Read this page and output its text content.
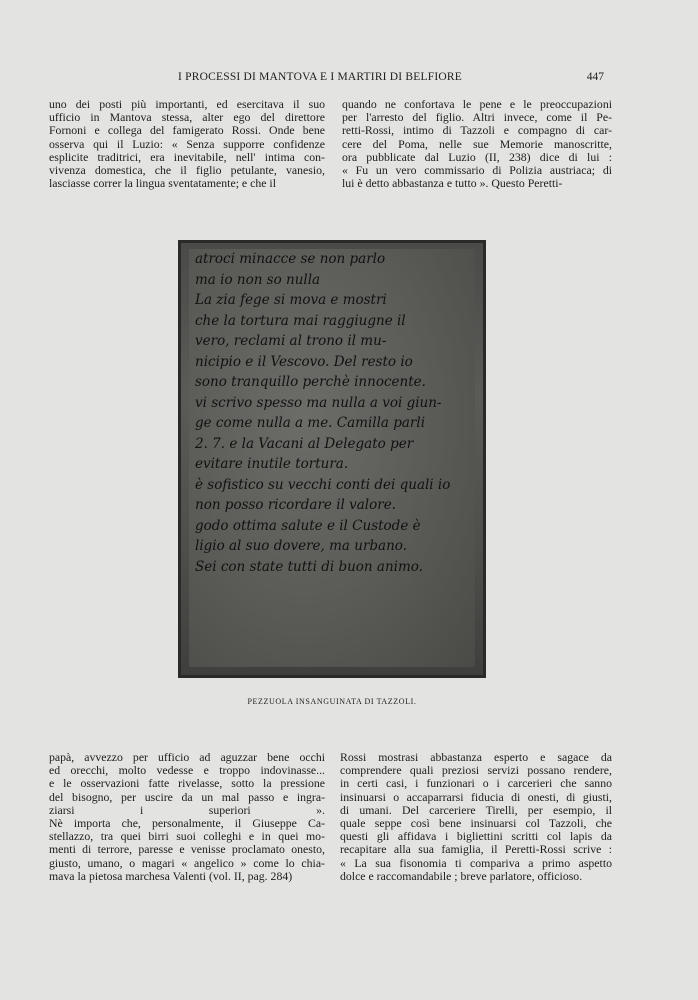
I PROCESSI DI MANTOVA E I MARTIRI DI BELFIORE	447
uno dei posti più importanti, ed esercitava il suo
ufficio in Mantova stessa, alter ego del direttore
Fornoni e collega del famigerato Rossi. Onde bene
osserva qui il Luzio: « Senza supporre confidenze
esplicite traditrici, era inevitabile, nell' intima con-
vivenza domestica, che il figlio petulante, vanesio,
lasciasse correr la lingua sventatamente; e che il
quando ne confortava le pene e le preoccupazioni
per l'arresto del figlio. Altri invece, come il Pe-
retti-Rossi, intimo di Tazzoli e compagno di car-
cere del Poma, nelle sue Memorie manoscritte,
ora pubblicate dal Luzio (II, 238) dice di lui :
« Fu un vero commissario di Polizia austriaca; di
lui è detto abbastanza e tutto ». Questo Peretti-
atroci minacce se non parlo
ma io non so nulla
La zia fege si mova e mostri
che la tortura mai raggiugne il
vero, reclami al trono il mu-
nicipio e il Vescovo. Del resto io
sono tranquillo perchè innocente.
vi scrivo spesso ma nulla a voi giun-
ge come nulla a me. Camilla parli
2. 7. e la Vacani al Delegato per
evitare inutile tortura.
è sofistico su vecchi conti dei quali io
non posso ricordare il valore.
godo ottima salute e il Custode è
ligio al suo dovere, ma urbano.
Sei con state tutti di buon animo.
PEZZUOLA INSANGUINATA DI TAZZOLI.
papà, avvezzo per ufficio ad aguzzar bene occhi
ed orecchi, molto vedesse e troppo indovinasse...
e le osservazioni fatte rivelasse, sotto la pressione
del bisogno, per uscire da un mal passo e ingra-
ziarsi i superiori ».
Nè importa che, personalmente, il Giuseppe Ca-
stellazzo, tra quei birri suoi colleghi e in quei mo-
menti di terrore, paresse e venisse proclamato onesto,
giusto, umano, o magari « angelico » come lo chia-
mava la pietosa marchesa Valenti (vol. II, pag. 284)
Rossi mostrasi abbastanza esperto e sagace da
comprendere quali preziosi servizi possano rendere,
in certi casi, i funzionari o i carcerieri che sanno
insinuarsi o accaparrarsi fiducia di onesti, di giusti,
di umani. Del carceriere Tirelli, per esempio, il
quale seppe così bene insinuarsi col Tazzoli, che
questi gli affidava i bigliettini scritti col lapis da
recapitare alla sua famiglia, il Peretti-Rossi scrive :
« La sua fisonomia ti compariva a primo aspetto
dolce e raccomandabile ; breve parlatore, officioso.
